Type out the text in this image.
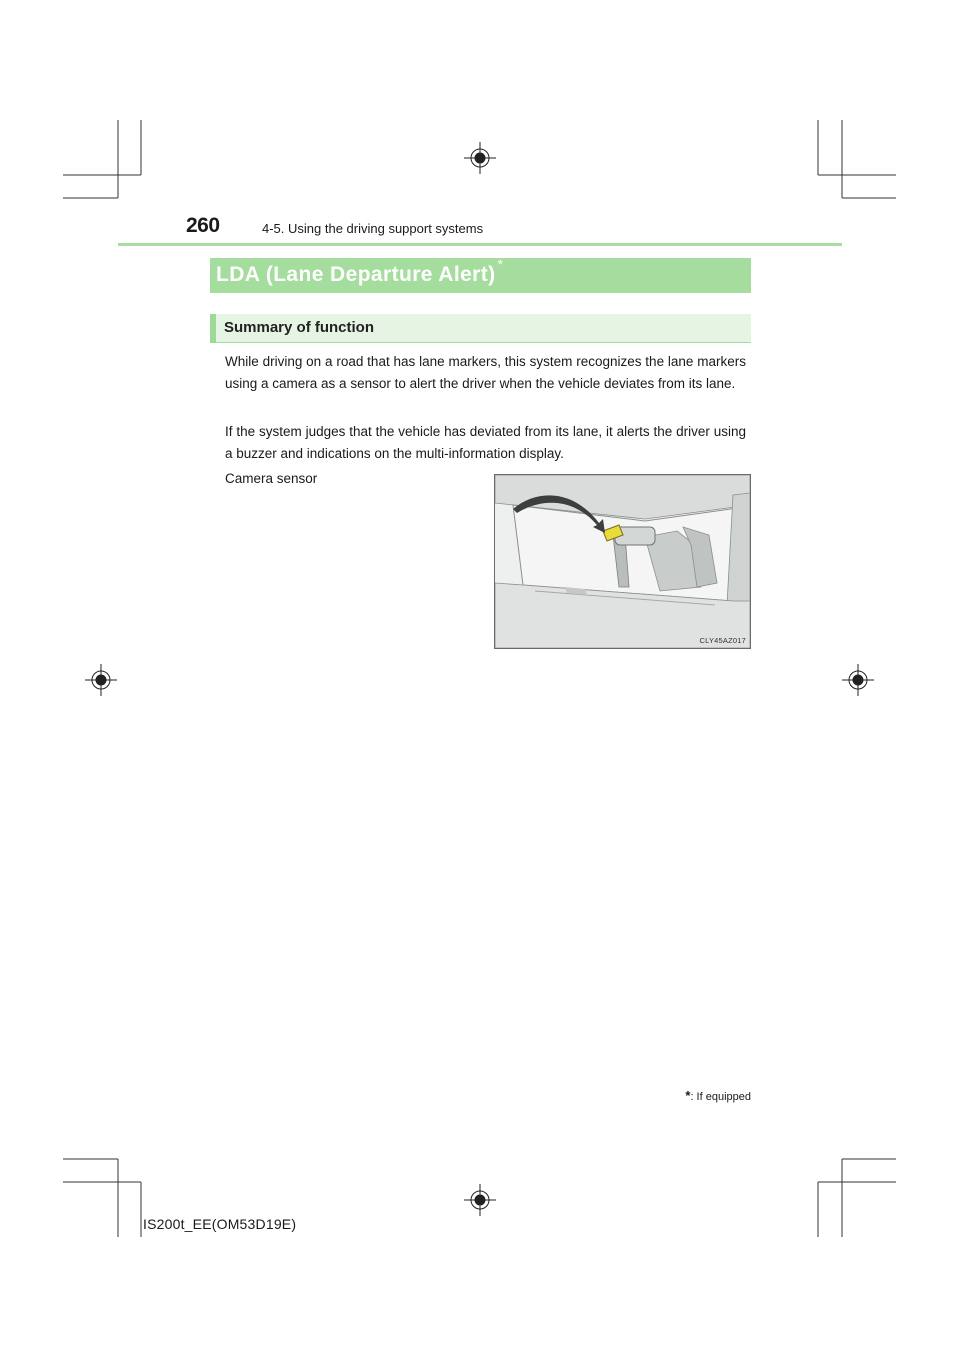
260	4-5. Using the driving support systems
LDA (Lane Departure Alert) *
Summary of function
While driving on a road that has lane markers, this system recognizes the lane markers using a camera as a sensor to alert the driver when the vehicle deviates from its lane.
If the system judges that the vehicle has deviated from its lane, it alerts the driver using a buzzer and indications on the multi-information display.
Camera sensor
CLY45AZ017
*: If equipped
IS200t_EE(OM53D19E)
